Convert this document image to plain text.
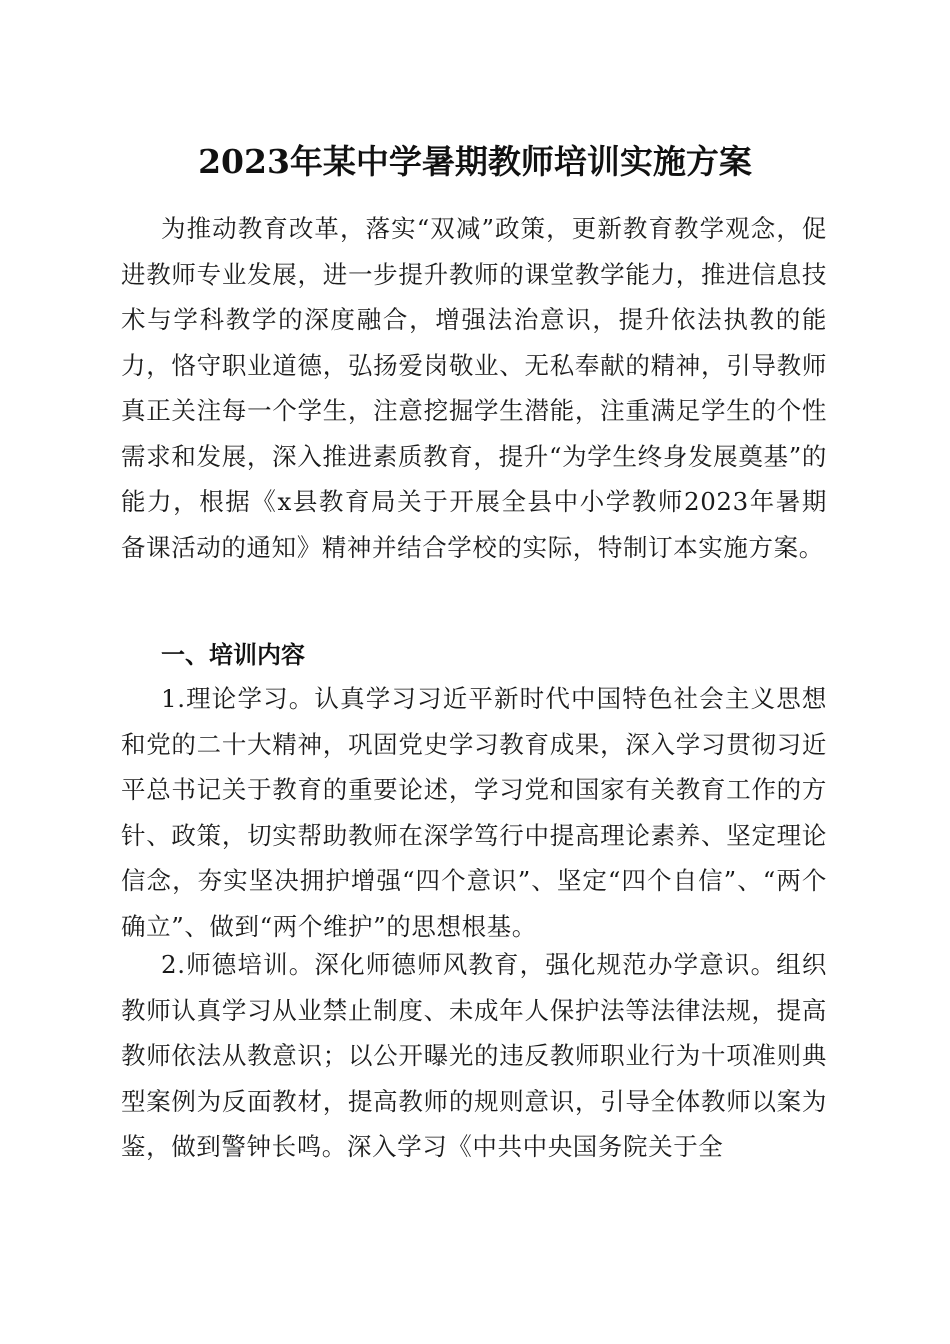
2023年某中学暑期教师培训实施方案

为推动教育改革，落实“双减”政策，更新教育教学观念，促进教师专业发展，进一步提升教师的课堂教学能力，推进信息技术与学科教学的深度融合，增强法治意识，提升依法执教的能力，恪守职业道德，弘扬爱岗敬业、无私奉献的精神，引导教师真正关注每一个学生，注意挖掘学生潜能，注重满足学生的个性需求和发展，深入推进素质教育，提升“为学生终身发展奠基”的能力，根据《x县教育局关于开展全县中小学教师2023年暑期备课活动的通知》精神并结合学校的实际，特制订本实施方案。

一、培训内容

1.理论学习。认真学习习近平新时代中国特色社会主义思想和党的二十大精神，巩固党史学习教育成果，深入学习贯彻习近平总书记关于教育的重要论述，学习党和国家有关教育工作的方针、政策，切实帮助教师在深学笃行中提高理论素养、坚定理论信念，夯实坚决拥护增强“四个意识”、坚定“四个自信”、“两个确立”、做到“两个维护”的思想根基。

2.师德培训。深化师德师风教育，强化规范办学意识。组织教师认真学习从业禁止制度、未成年人保护法等法律法规，提高教师依法从教意识；以公开曝光的违反教师职业行为十项准则典型案例为反面教材，提高教师的规则意识，引导全体教师以案为鉴，做到警钟长鸣。深入学习《中共中央国务院关于全
